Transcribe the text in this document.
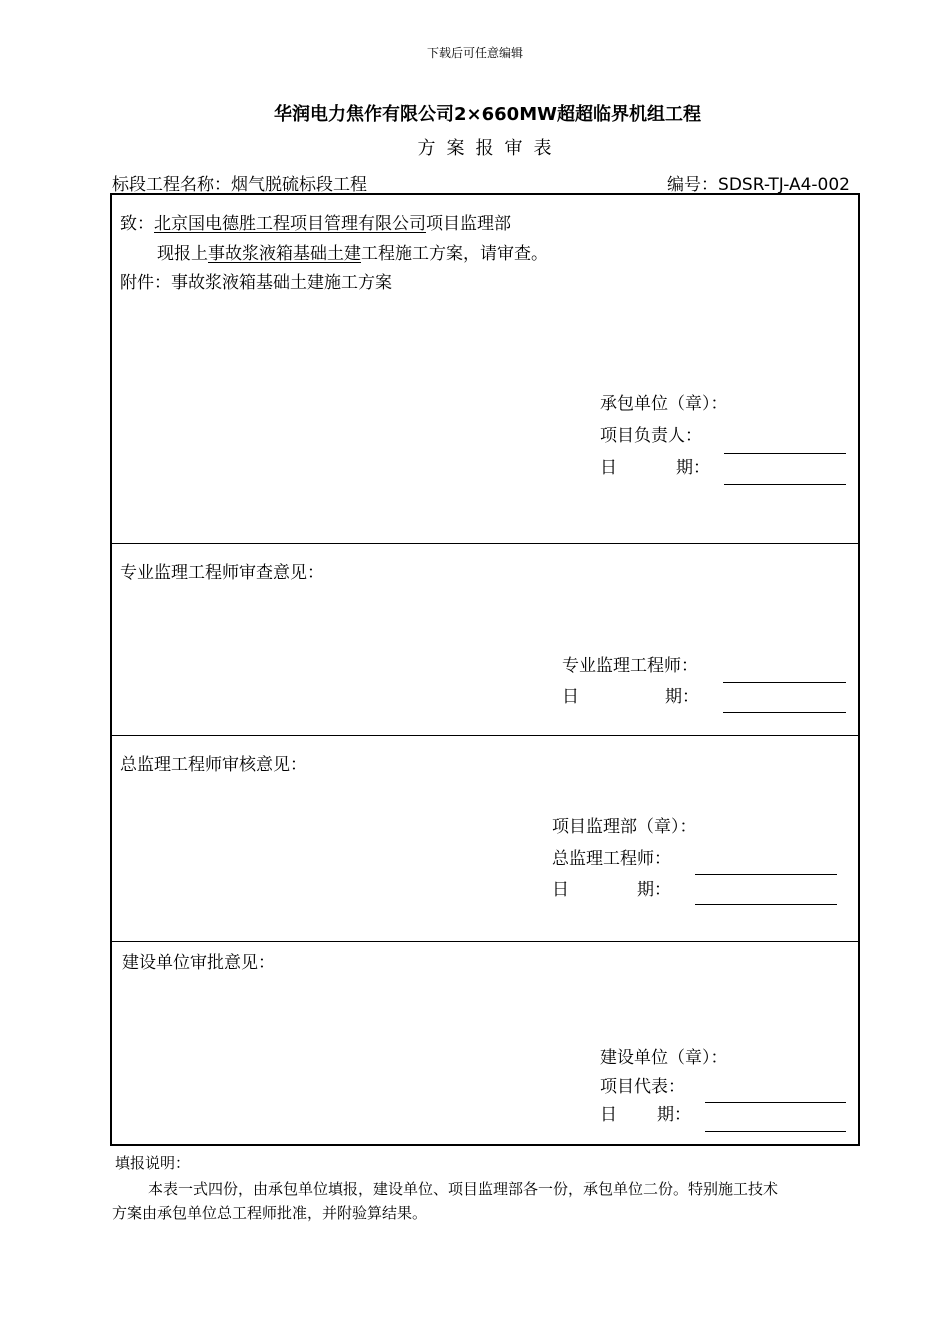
下载后可任意编辑
华润电力焦作有限公司2×660MW超超临界机组工程
方案报审表
标段工程名称：烟气脱硫标段工程	编号：SDSR-TJ-A4-002
致：北京国电德胜工程项目管理有限公司项目监理部
现报上事故浆液箱基础土建工程施工方案，请审查。
附件：事故浆液箱基础土建施工方案
承包单位（章）：
项目负责人：
日	期：
专业监理工程师审查意见：
专业监理工程师：
日	期：
总监理工程师审核意见：
项目监理部（章）：
总监理工程师：
日	期：
建设单位审批意见：
建设单位（章）：
项目代表：
日 期：
填报说明：
本表一式四份，由承包单位填报，建设单位、项目监理部各一份，承包单位二份。特别施工技术
方案由承包单位总工程师批准，并附验算结果。
